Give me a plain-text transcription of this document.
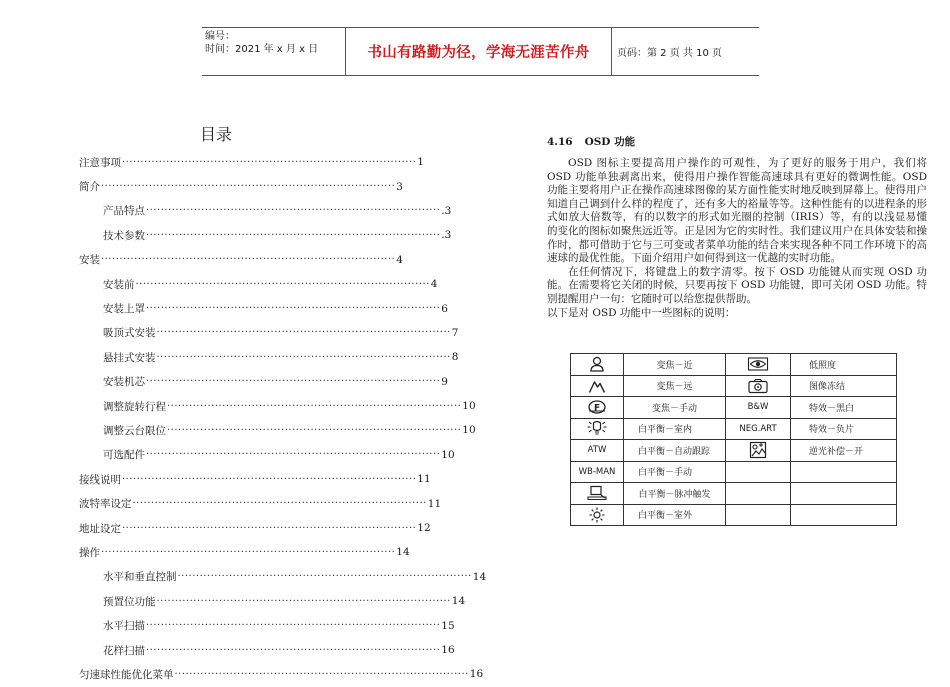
编号：
时间：2021 年 x 月 x 日	书山有路勤为径，学海无涯苦作舟	页码：第 2 页 共 10 页
目录
注意事项 ················································································ 1
简介 ················································································ 3
产品特点 ················································································ .3
技术参数 ················································································ .3
安装 ················································································ 4
安装前 ················································································ 4
安装上罩 ················································································ 6
吸顶式安装 ················································································ 7
悬挂式安装 ················································································ 8
安装机芯 ················································································ 9
调整旋转行程 ················································································ 10
调整云台限位 ················································································ 10
可选配件 ················································································ 10
接线说明 ················································································ 11
波特率设定 ················································································ 11
地址设定 ················································································ 12
操作 ················································································ 14
水平和垂直控制 ················································································ 14
预置位功能 ················································································ 14
水平扫描 ················································································ 15
花样扫描 ················································································ 16
匀速球性能优化菜单 ················································································ 16
4.16 OSD 功能

OSD 图标主要提高用户操作的可观性，为了更好的服务于用户，我们将 OSD 功能单独剥离出来，使得用户操作智能高速球具有更好的微调性能。OSD 功能主要将用户正在操作高速球图像的某方面性能实时地反映到屏幕上。使得用户知道自己调到什么样的程度了，还有多大的裕量等等。这种性能有的以进程条的形式如放大倍数等，有的以数字的形式如光圈的控制（IRIS）等，有的以浅显易懂的变化的图标如聚焦远近等。正是因为它的实时性。我们建议用户在具体安装和操作时，都可借助于它与三可变或者菜单功能的结合来实现各种不同工作环境下的高速球的最优性能。下面介绍用户如何得到这一优越的实时功能。

在任何情况下，将键盘上的数字清零。按下 OSD 功能键从而实现 OSD 功能。在需要将它关闭的时候，只要再按下 OSD 功能键，即可关闭 OSD 功能。特别提醒用户一句：它随时可以给您提供帮助。

以下是对 OSD 功能中一些图标的说明：

	变焦－近		低照度

	变焦－远		图像冻结

F	变焦－手动	B&W	特效－黑白

	白平衡－室内	NEG.ART	特效－负片
ATW	白平衡－自动跟踪		逆光补偿－开
WB-MAN	白平衡－手动		

	白平衡－脉冲触发		

	白平衡－室外		
